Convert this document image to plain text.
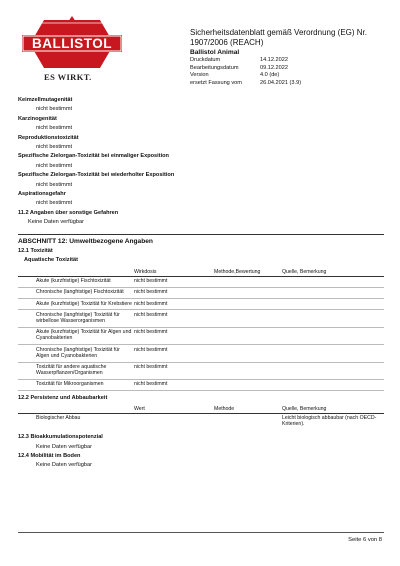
BALLISTOL
ES WIRKT.
Sicherheitsdatenblatt gemäß Verordnung (EG) Nr. 1907/2006 (REACH)
Ballistol Animal
Druckdatum	14.12.2022
Bearbeitungsdatum	09.12.2022
Version	4.0 (de)
ersetzt Fassung vom	26.04.2021 (3.9)
Keimzellmutagenität
nicht bestimmt
Karzinogenität
nicht bestimmt
Reproduktionstoxizität
nicht bestimmt
Spezifische Zielorgan-Toxizität bei einmaliger Exposition
nicht bestimmt
Spezifische Zielorgan-Toxizität bei wiederholter Exposition
nicht bestimmt
Aspirationsgefahr
nicht bestimmt
11.2 Angaben über sonstige Gefahren
Keine Daten verfügbar
ABSCHNITT 12: Umweltbezogene Angaben
12.1 Toxizität
Aquatische Toxizität
	Wirkdosis	Methode,Bewertung	Quelle, Bemerkung
Akute (kurzfristige) Fischtoxizität	nicht bestimmt		
Chronische (langfristige) Fischtoxizität	nicht bestimmt		
Akute (kurzfristige) Toxizität für Krebstiere	nicht bestimmt		
Chronische (langfristige) Toxizität für wirbellose Wasserorganismen	nicht bestimmt		
Akute (kurzfristige) Toxizität für Algen und Cyanobakterien	nicht bestimmt		
Chronische (langfristige) Toxizität für Algen und Cyanobakterien	nicht bestimmt		
Toxizität für andere aquatische Wasserpflanzen/Organismen	nicht bestimmt		
Toxizität für Mikroorganismen	nicht bestimmt		
12.2 Persistenz und Abbaubarkeit
	Wert	Methode	Quelle, Bemerkung
Biologischer Abbau			Leicht biologisch abbaubar (nach OECD-Kriterien).
12.3 Bioakkumulationspotenzial
Keine Daten verfügbar
12.4 Mobilität im Boden
Keine Daten verfügbar
Seite 6 von 8
